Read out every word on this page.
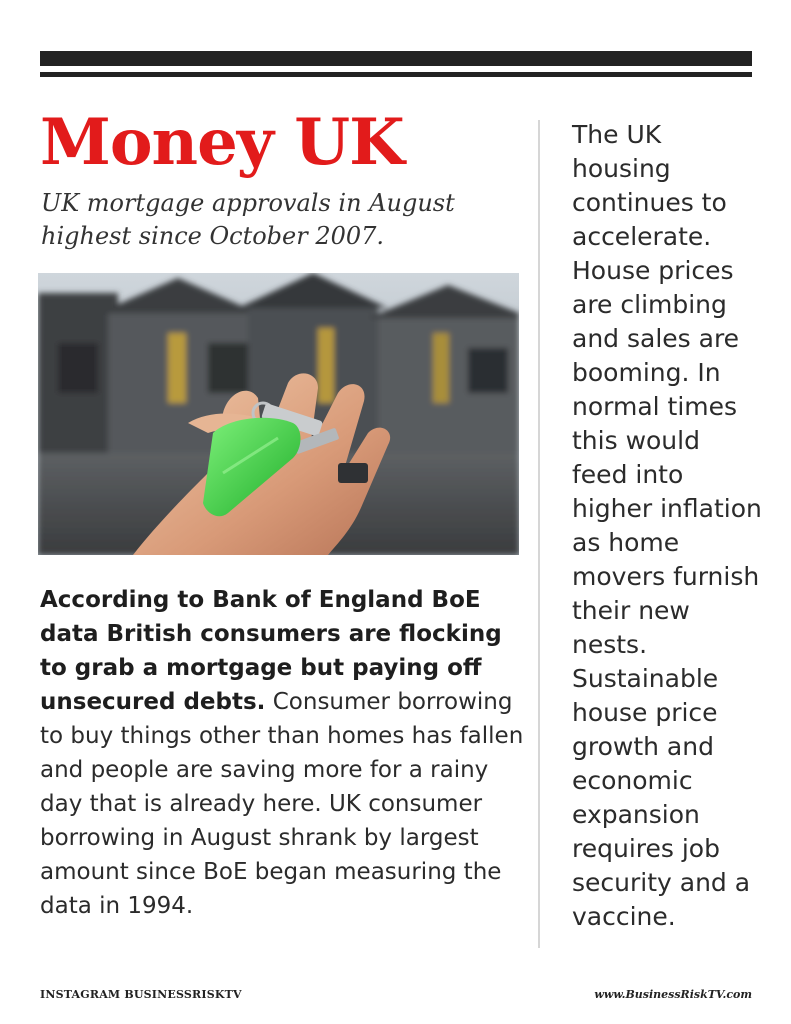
Money UK

UK mortgage approvals in August highest since October 2007.

According to Bank of England BoE data British consumers are flocking to grab a mortgage but paying off unsecured debts. Consumer borrowing to buy things other than homes has fallen and people are saving more for a rainy day that is already here. UK consumer borrowing in August shrank by largest amount since BoE began measuring the data in 1994.

The UK housing continues to accelerate. House prices are climbing and sales are booming. In normal times this would feed into higher inflation as home movers furnish their new nests. Sustainable house price growth and economic expansion requires job security and a vaccine.

INSTAGRAM BUSINESSRISKTV	www.BusinessRiskTV.com
